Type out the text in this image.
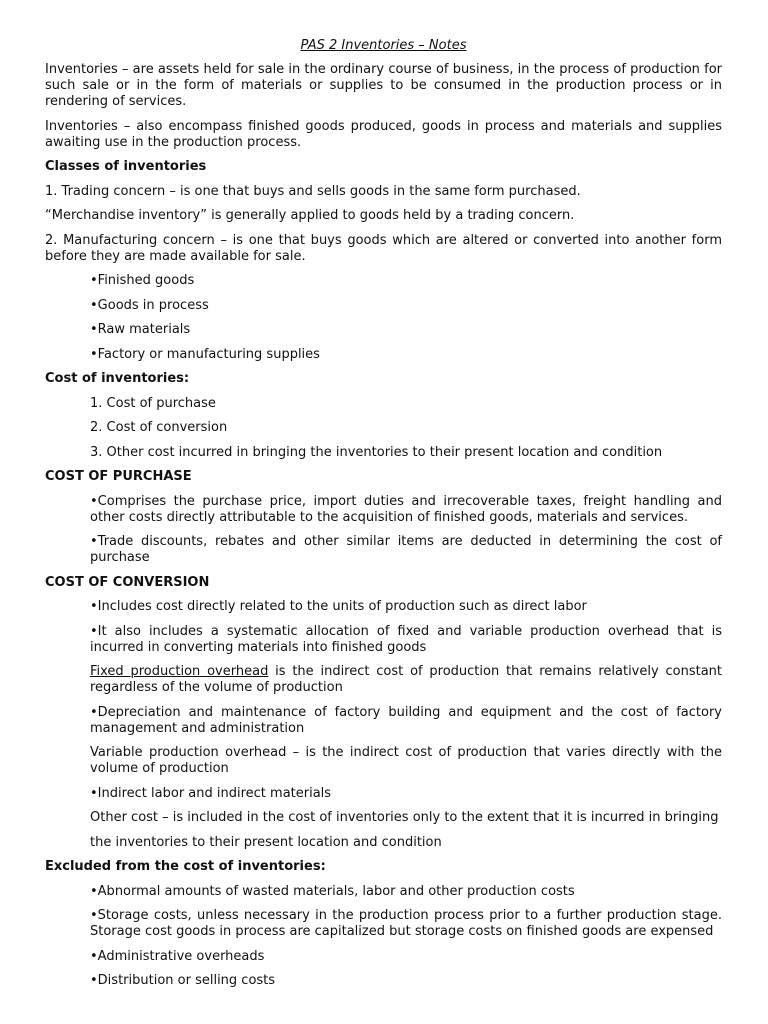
PAS 2 Inventories – Notes
Inventories – are assets held for sale in the ordinary course of business, in the process of production for such sale or in the form of materials or supplies to be consumed in the production process or in rendering of services.
Inventories – also encompass finished goods produced, goods in process and materials and supplies awaiting use in the production process.
Classes of inventories
1. Trading concern – is one that buys and sells goods in the same form purchased.
“Merchandise inventory” is generally applied to goods held by a trading concern.
2. Manufacturing concern – is one that buys goods which are altered or converted into another form before they are made available for sale.
•Finished goods
•Goods in process
•Raw materials
•Factory or manufacturing supplies
Cost of inventories:
1. Cost of purchase
2. Cost of conversion
3. Other cost incurred in bringing the inventories to their present location and condition
COST OF PURCHASE
•Comprises the purchase price, import duties and irrecoverable taxes, freight handling and other costs directly attributable to the acquisition of finished goods, materials and services.
•Trade discounts, rebates and other similar items are deducted in determining the cost of purchase
COST OF CONVERSION
•Includes cost directly related to the units of production such as direct labor
•It also includes a systematic allocation of fixed and variable production overhead that is incurred in converting materials into finished goods
Fixed production overhead is the indirect cost of production that remains relatively constant regardless of the volume of production
•Depreciation and maintenance of factory building and equipment and the cost of factory management and administration
Variable production overhead – is the indirect cost of production that varies directly with the volume of production
•Indirect labor and indirect materials
Other cost – is included in the cost of inventories only to the extent that it is incurred in bringing
the inventories to their present location and condition
Excluded from the cost of inventories:
•Abnormal amounts of wasted materials, labor and other production costs
•Storage costs, unless necessary in the production process prior to a further production stage. Storage cost goods in process are capitalized but storage costs on finished goods are expensed
•Administrative overheads
•Distribution or selling costs
